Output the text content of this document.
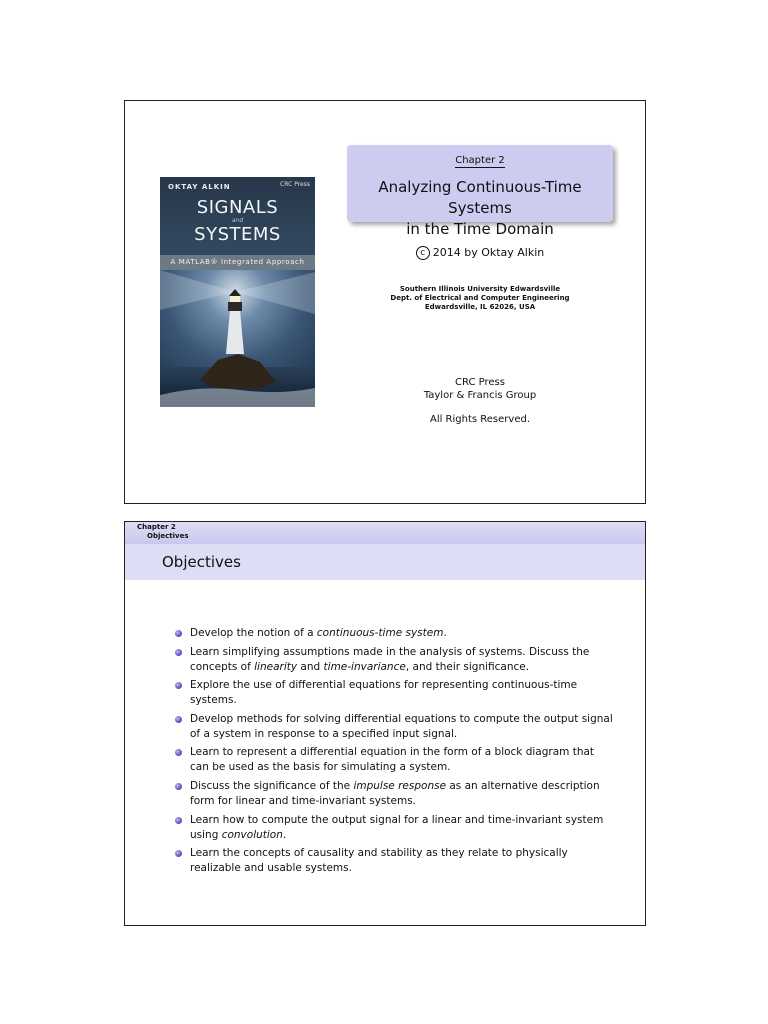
OKTAY ALKIN	CRC Press
SIGNALS
and
SYSTEMS
A MATLAB® Integrated Approach
Chapter 2
Analyzing Continuous-Time Systems
in the Time Domain
c 2014 by Oktay Alkin
Southern Illinois University Edwardsville
Dept. of Electrical and Computer Engineering
Edwardsville, IL 62026, USA
CRC Press
Taylor & Francis Group
All Rights Reserved.
Chapter 2
Objectives
Objectives
Develop the notion of a continuous-time system.
Learn simplifying assumptions made in the analysis of systems. Discuss the concepts of linearity and time-invariance, and their significance.
Explore the use of differential equations for representing continuous-time systems.
Develop methods for solving differential equations to compute the output signal of a system in response to a specified input signal.
Learn to represent a differential equation in the form of a block diagram that can be used as the basis for simulating a system.
Discuss the significance of the impulse response as an alternative description form for linear and time-invariant systems.
Learn how to compute the output signal for a linear and time-invariant system using convolution.
Learn the concepts of causality and stability as they relate to physically realizable and usable systems.
